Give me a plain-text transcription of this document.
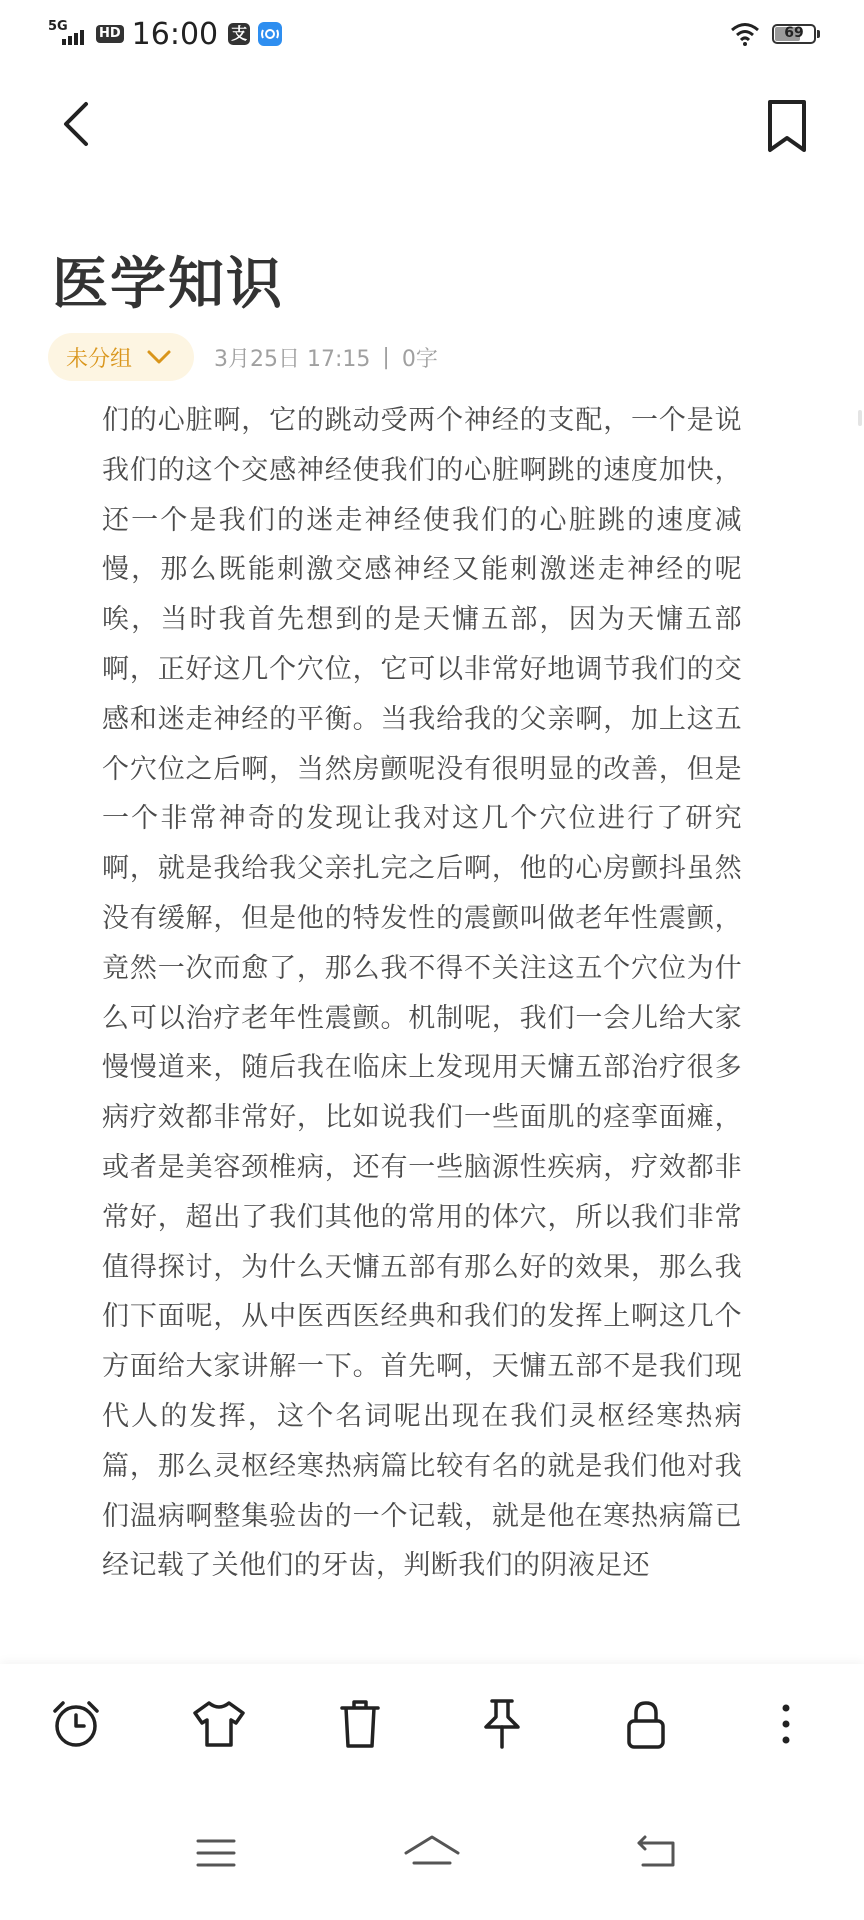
5G HD 16:00 支	69
医学知识
未分组	3月25日 17:15 | 0字

们的心脏啊，它的跳动受两个神经的支配，一个是说我们的这个交感神经使我们的心脏啊跳的速度加快，还一个是我们的迷走神经使我们的心脏跳的速度减慢，那么既能刺激交感神经又能刺激迷走神经的呢唉，当时我首先想到的是天慵五部，因为天慵五部啊，正好这几个穴位，它可以非常好地调节我们的交感和迷走神经的平衡。当我给我的父亲啊，加上这五个穴位之后啊，当然房颤呢没有很明显的改善，但是一个非常神奇的发现让我对这几个穴位进行了研究啊，就是我给我父亲扎完之后啊，他的心房颤抖虽然没有缓解，但是他的特发性的震颤叫做老年性震颤，竟然一次而愈了，那么我不得不关注这五个穴位为什么可以治疗老年性震颤。机制呢，我们一会儿给大家慢慢道来，随后我在临床上发现用天慵五部治疗很多病疗效都非常好，比如说我们一些面肌的痉挛面瘫，或者是美容颈椎病，还有一些脑源性疾病，疗效都非常好，超出了我们其他的常用的体穴，所以我们非常值得探讨，为什么天慵五部有那么好的效果，那么我们下面呢，从中医西医经典和我们的发挥上啊这几个方面给大家讲解一下。首先啊，天慵五部不是我们现代人的发挥，这个名词呢出现在我们灵枢经寒热病篇，那么灵枢经寒热病篇比较有名的就是我们他对我们温病啊整集验齿的一个记载，就是他在寒热病篇已经记载了关他们的牙齿，判断我们的阴液足还
